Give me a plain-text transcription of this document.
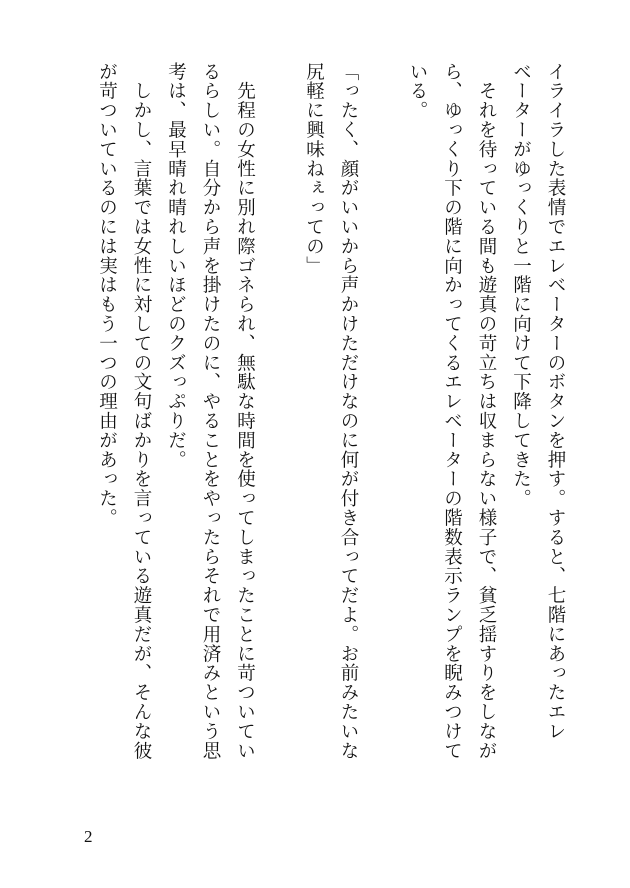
イライラした表情でエレベーターのボタンを押す。すると、七階にあったエレ
ベーターがゆっくりと一階に向けて下降してきた。
　それを待っている間も遊真の苛立ちは収まらない様子で、貧乏揺すりをしなが
ら、ゆっくり下の階に向かってくるエレベーターの階数表示ランプを睨みつけて
いる。
「ったく、顔がいいから声かけただけなのに何が付き合ってだよ。お前みたいな
尻軽に興味ねぇっての」
　先程の女性に別れ際ゴネられ、無駄な時間を使ってしまったことに苛ついてい
るらしい。自分から声を掛けたのに、やることをやったらそれで用済みという思
考は、最早晴れ晴れしいほどのクズっぷりだ。
　しかし、言葉では女性に対しての文句ばかりを言っている遊真だが、そんな彼
が苛ついているのには実はもう一つの理由があった。
2
